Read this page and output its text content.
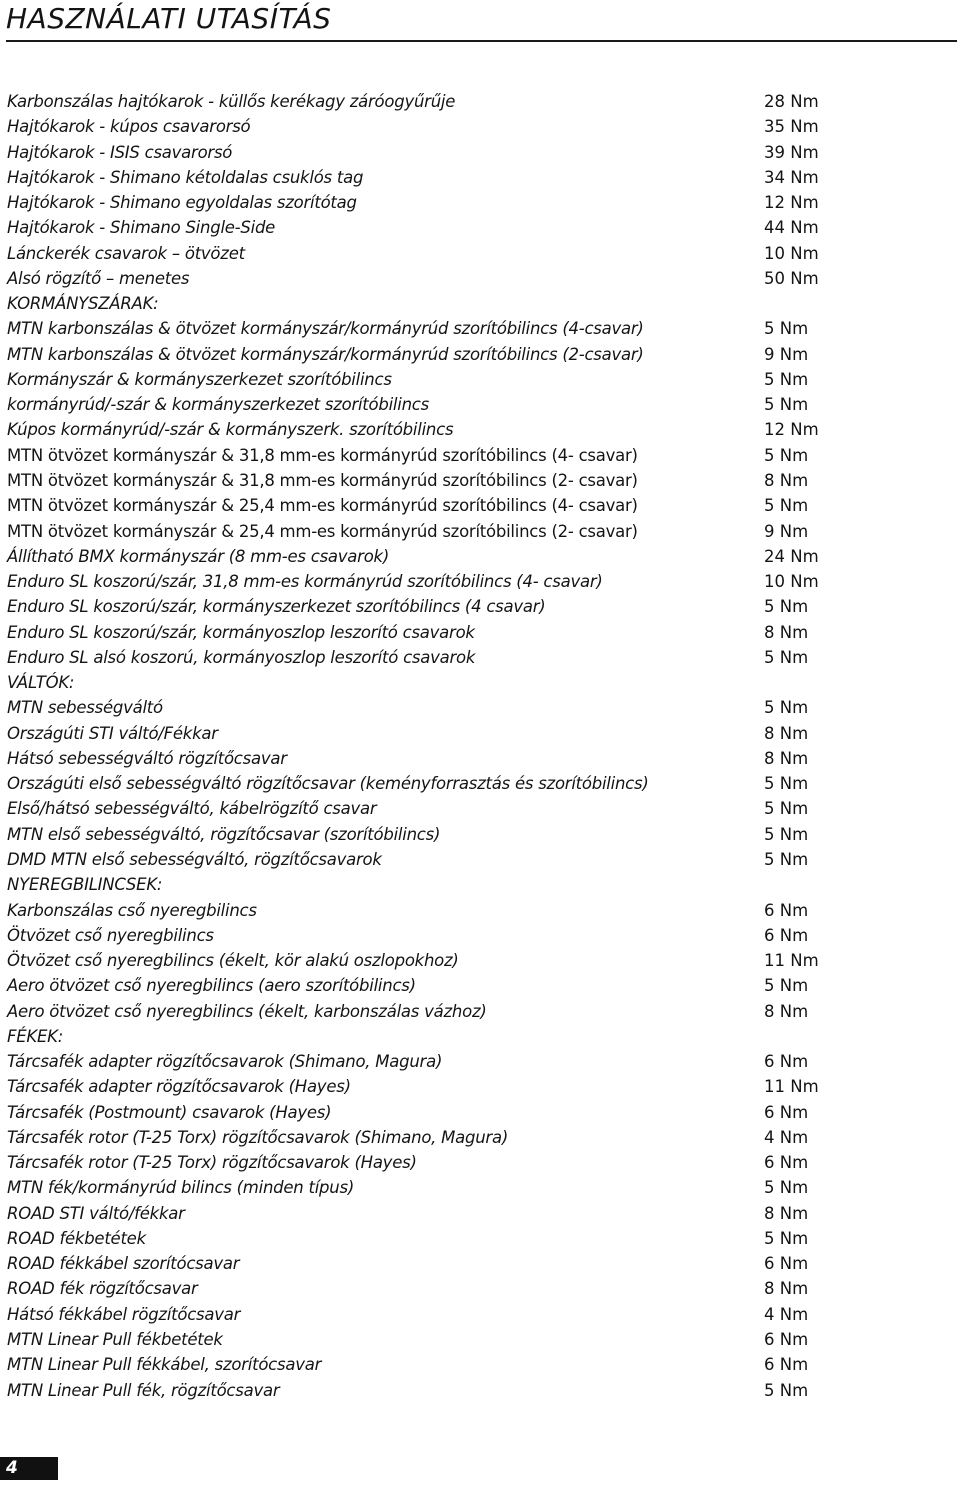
HASZNÁLATI UTASÍTÁS
Karbonszálas hajtókarok - küllős kerékagy záróogyűrűje	28 Nm
Hajtókarok - kúpos csavarorsó	35 Nm
Hajtókarok - ISIS csavarorsó	39 Nm
Hajtókarok - Shimano kétoldalas csuklós tag	34 Nm
Hajtókarok - Shimano egyoldalas szorítótag	12 Nm
Hajtókarok - Shimano Single-Side	44 Nm
Lánckerék csavarok – ötvözet	10 Nm
Alsó rögzítő – menetes	50 Nm
KORMÁNYSZÁRAK:
MTN karbonszálas & ötvözet kormányszár/kormányrúd szorítóbilincs (4-csavar)	5 Nm
MTN karbonszálas & ötvözet kormányszár/kormányrúd szorítóbilincs (2-csavar)	9 Nm
Kormányszár & kormányszerkezet szorítóbilincs	5 Nm
kormányrúd/-szár & kormányszerkezet szorítóbilincs	5 Nm
Kúpos kormányrúd/-szár & kormányszerk. szorítóbilincs	12 Nm
MTN ötvözet kormányszár & 31,8 mm-es kormányrúd szorítóbilincs (4- csavar)	5 Nm
MTN ötvözet kormányszár & 31,8 mm-es kormányrúd szorítóbilincs (2- csavar)	8 Nm
MTN ötvözet kormányszár & 25,4 mm-es kormányrúd szorítóbilincs (4- csavar)	5 Nm
MTN ötvözet kormányszár & 25,4 mm-es kormányrúd szorítóbilincs (2- csavar)	9 Nm
Állítható BMX kormányszár (8 mm-es csavarok)	24 Nm
Enduro SL koszorú/szár, 31,8 mm-es kormányrúd szorítóbilincs (4- csavar)	10 Nm
Enduro SL koszorú/szár, kormányszerkezet szorítóbilincs (4 csavar)	5 Nm
Enduro SL koszorú/szár, kormányoszlop leszorító csavarok	8 Nm
Enduro SL alsó koszorú, kormányoszlop leszorító csavarok	5 Nm
VÁLTÓK:
MTN sebességváltó	5 Nm
Országúti STI váltó/Fékkar	8 Nm
Hátsó sebességváltó rögzítőcsavar	8 Nm
Országúti első sebességváltó rögzítőcsavar (keményforrasztás és szorítóbilincs)	5 Nm
Első/hátsó sebességváltó, kábelrögzítő csavar	5 Nm
MTN első sebességváltó, rögzítőcsavar (szorítóbilincs)	5 Nm
DMD MTN első sebességváltó, rögzítőcsavarok	5 Nm
NYEREGBILINCSEK:
Karbonszálas cső nyeregbilincs	6 Nm
Ötvözet cső nyeregbilincs	6 Nm
Ötvözet cső nyeregbilincs (ékelt, kör alakú oszlopokhoz)	11 Nm
Aero ötvözet cső nyeregbilincs (aero szorítóbilincs)	5 Nm
Aero ötvözet cső nyeregbilincs (ékelt, karbonszálas vázhoz)	8 Nm
FÉKEK:
Tárcsafék adapter rögzítőcsavarok (Shimano, Magura)	6 Nm
Tárcsafék adapter rögzítőcsavarok (Hayes)	11 Nm
Tárcsafék (Postmount) csavarok (Hayes)	6 Nm
Tárcsafék rotor (T-25 Torx) rögzítőcsavarok (Shimano, Magura)	4 Nm
Tárcsafék rotor (T-25 Torx) rögzítőcsavarok (Hayes)	6 Nm
MTN fék/kormányrúd bilincs (minden típus)	5 Nm
ROAD STI váltó/fékkar	8 Nm
ROAD fékbetétek	5 Nm
ROAD fékkábel szorítócsavar	6 Nm
ROAD fék rögzítőcsavar	8 Nm
Hátsó fékkábel rögzítőcsavar	4 Nm
MTN Linear Pull fékbetétek	6 Nm
MTN Linear Pull fékkábel, szorítócsavar	6 Nm
MTN Linear Pull fék, rögzítőcsavar	5 Nm
4
